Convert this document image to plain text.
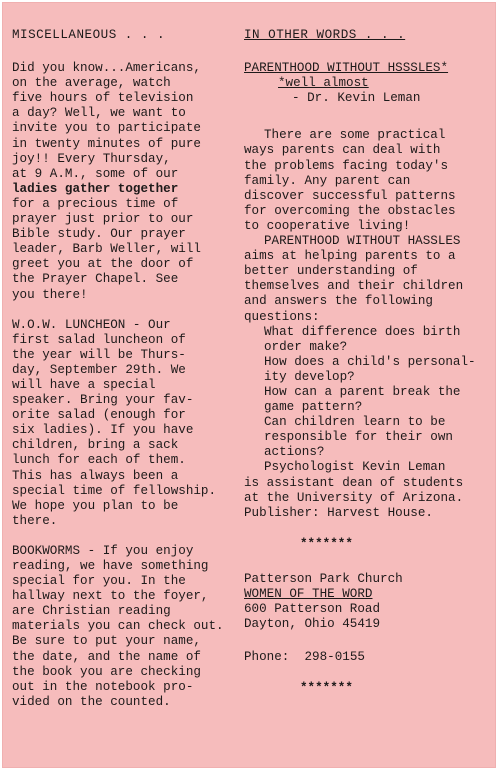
MISCELLANEOUS . . .

Did you know...Americans,
on the average, watch
five hours of television
a day? Well, we want to
invite you to participate
in twenty minutes of pure
joy!! Every Thursday,
at 9 A.M., some of our

ladies gather together

for a precious time of
prayer just prior to our
Bible study. Our prayer
leader, Barb Weller, will
greet you at the door of
the Prayer Chapel. See
you there!

W.O.W. LUNCHEON - Our
first salad luncheon of
the year will be Thurs-
day, September 29th. We
will have a special
speaker. Bring your fav-
orite salad (enough for
six ladies). If you have
children, bring a sack
lunch for each of them.
This has always been a
special time of fellowship.
We hope you plan to be
there.

BOOKWORMS - If you enjoy
reading, we have something
special for you. In the
hallway next to the foyer,
are Christian reading
materials you can check out.
Be sure to put your name,
the date, and the name of
the book you are checking
out in the notebook pro-
vided on the counted.

IN OTHER WORDS . . .

PARENTHOOD WITHOUT HSSSLES*

*well almost

- Dr. Kevin Leman

There are some practical
ways parents can deal with
the problems facing today's
family. Any parent can
discover successful patterns
for overcoming the obstacles
to cooperative living!

PARENTHOOD WITHOUT HASSLES
aims at helping parents to a
better understanding of
themselves and their children
and answers the following
questions:

What difference does birth
order make?

How does a child's personal-
ity develop?

How can a parent break the
game pattern?

Can children learn to be
responsible for their own
actions?

Psychologist Kevin Leman
is assistant dean of students
at the University of Arizona.
Publisher: Harvest House.

*******

Patterson Park Church

WOMEN OF THE WORD

600 Patterson Road

Dayton, Ohio 45419

Phone: 298-0155

*******
